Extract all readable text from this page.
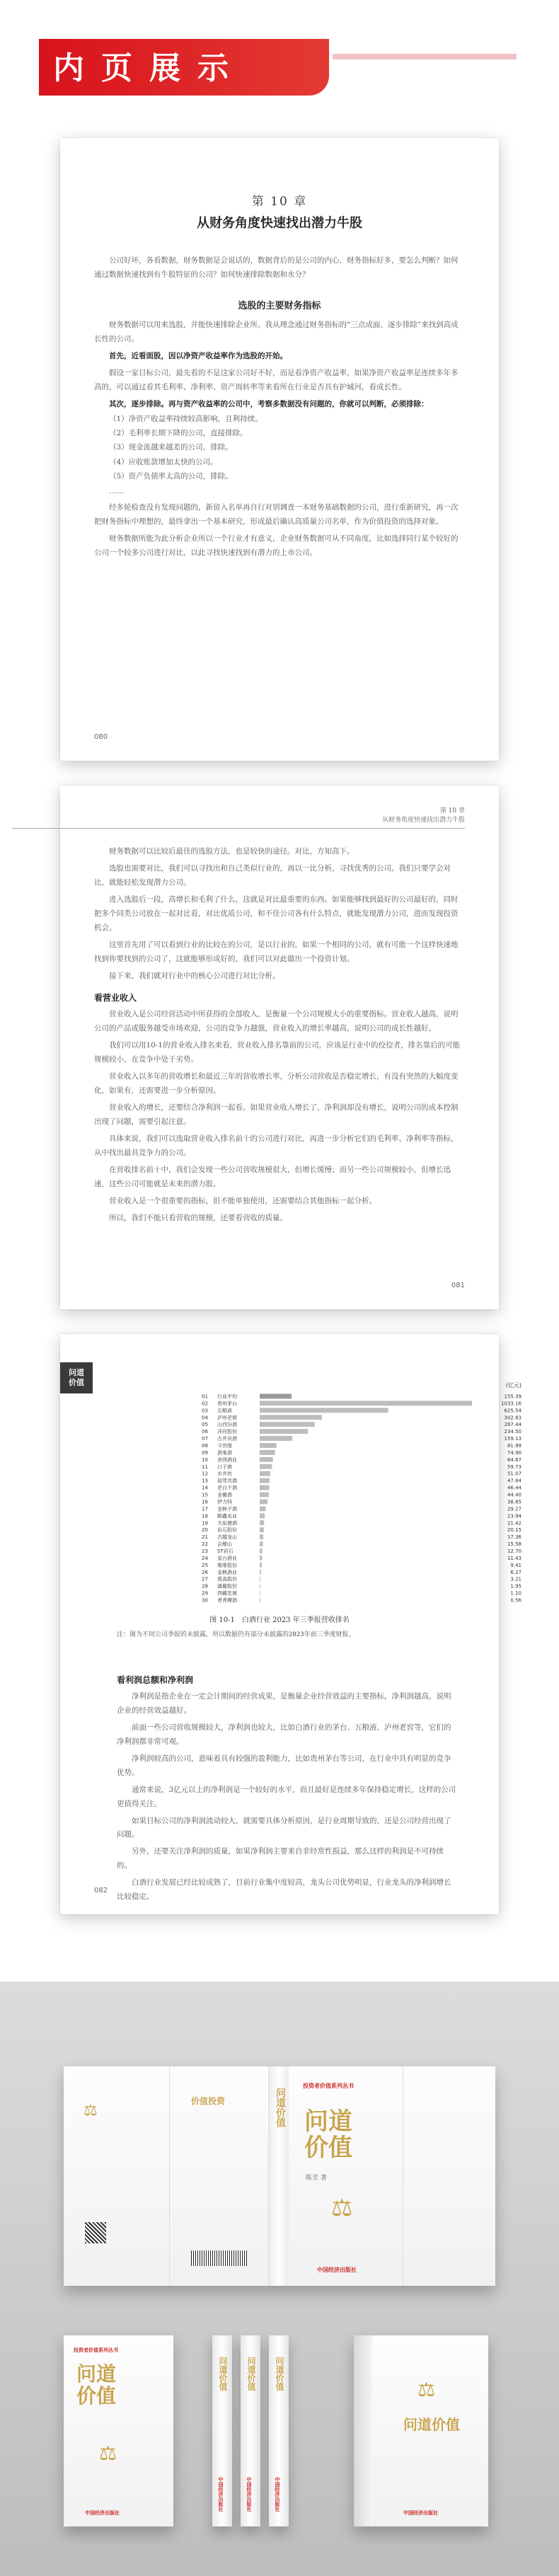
内页展示
第 10 章
从财务角度快速找出潜力牛股

公司好坏，各看数据，财务数据是会说话的，数据背后的是公司的内心，财务指标好多，要怎么判断？如何通过数据快速找到有牛股特征的公司？如何快速排除数据和水分？

选股的主要财务指标

财务数据可以用来选股，并能快速排除企业所。我从理念通过财务指标的“三点成面、逐步排除”来找到高成长性的公司。

首先，近看面股，因以净资产收益率作为选股的开始。

假设一家目标公司，最先看的不是这家公司好不好，而是看净资产收益率，如果净资产收益率是连续多年多高的，可以通过看其毛利率、净利率、资产周转率等来看所在行业是否具有护城河，看成长性。

其次，逐步排除。再与资产收益率的公司中，考察多数据没有问题的，你就可以判断，必须排除：

（1）净资产收益率持续较高影响，且利持续。
（2）毛利率长期下降的公司，直接排除。
（3）现金流越来越差的公司，排除。
（4）应收账款增加太快的公司。
（5）资产负债率太高的公司，排除。
……

经多轮检查没有发现问题的，新留入名单再自行对别调查一本财务基础数据的公司，进行重新研究，再一次把财务指标中理想的，最终拿出一个基本研究，形成最后确认高质量公司名单，作为价值投资的选择对象。

财务数据所能为此分析企业所以一个行业才有意义，企业财务数据可从不同角度，比如选择同行某个较好的公司一个较多公司进行对比，以此寻找快速找到有潜力的上市公司。

080
第 10 章
从财务角度快速找出潜力牛股

财务数据可以比较后最佳的选股方法，也是较快的途径。对比，方知高下。

选股也需要对比，我们可以寻找出和自己类似行业的，再以一比分析，寻找优秀的公司。我们只要学会对比，就能轻松发现潜力公司。

进入选股后一段，高增长和毛利了什么，这就是对比最重要的东西。如果能够找到最好的公司最好的，同时把多个同类公司放在一起对比看，对比优质公司，和不佳公司各有什么特点，就能发现潜力公司，进而发现投资机会。

这里首先用了可以看到行业的比较在的公司，是以行业的，如果一个相同的公司，就有可能一个这样快速地找到你要找到的公司了，这就能够形成好的，我们可以对此做出一个投资计划。

接下来，我们就对行业中的核心公司进行对比分析。

看营业收入

营业收入是公司经营活动中所获得的全部收入，是衡量一个公司规模大小的重要指标。营业收入越高，说明公司的产品或服务越受市场欢迎，公司的竞争力越强，营业收入的增长率越高，说明公司的成长性越好。

我们可以用10-1的营业收入排名来看，营业收入排名靠前的公司，应该是行业中的佼佼者，排名靠后的可能规模较小，在竞争中处于劣势。

营业收入以多年的营收增长和最近三年的营收增长率，分析公司营收是否稳定增长，有没有突然的大幅度变化，如果有，还需要进一步分析原因。

营业收入的增长，还要结合净利润一起看。如果营业收入增长了，净利润却没有增长，说明公司的成本控制出现了问题，需要引起注意。

具体来说，我们可以选取营业收入排名前十的公司进行对比，再进一步分析它们的毛利率、净利率等指标，从中找出最具竞争力的公司。

在营收排名前十中，我们会发现一些公司营收规模很大，但增长缓慢；而另一些公司规模较小，但增长迅速，这些公司可能就是未来的潜力股。

营业收入是一个很重要的指标，但不能单独使用，还需要结合其他指标一起分析。

所以，我们不能只看营收的规模，还要看营收的质量。

081
问道
价值	(亿元)
01 行业平均	155.39
02 贵州茅台	1033.16
03 五粮液	625.54
04 泸州老窖	302.83
05 山西汾酒	267.44
06 洋河股份	234.50
07 古井贡酒	159.13
08 今世缘	81.99
09 酒鬼酒	74.90
10 舍得酒业	64.67
11 口子窖	59.73
12 水井坊	51.07
13 迎驾贡酒	47.84
14 老白干酒	46.44
15 金徽酒	44.40
16 伊力特	38.85
17 金种子酒	29.27
18 顺鑫农业	23.94
19 天佑德酒	21.42
20 岩石股份	20.15
21 古越龙山	17.36
22 会稽山	15.58
23 ST岩石	12.70
24 皇台酒业	11.43
25 维维股份	9.41
26 金枫酒业	6.27
27 莫高股份	3.21
28 通葡股份	1.95
29 西藏发展	1.10
30 青青稞酒	0.56
图 10-1　白酒行业 2023 年三季报营收排名
注：图为不同公司季报的未披露，所以数据仍有部分未披露的2023年前三季度财报。
看利润总额和净利润

净利润是指企业在一定会计期间的经营成果，是衡量企业经营效益的主要指标，净利润越高，说明企业的经营效益越好。

前面一些公司营收规模较大，净利润也较大，比如白酒行业的茅台、五粮液、泸州老窖等，它们的净利润都非常可观。

净利润较高的公司，意味着具有较强的盈利能力，比如贵州茅台等公司，在行业中具有明显的竞争优势。

通常来说，3亿元以上的净利润是一个较好的水平，而且最好是连续多年保持稳定增长，这样的公司更值得关注。

如果目标公司的净利润波动较大，就需要具体分析原因，是行业周期导致的，还是公司经营出现了问题。

另外，还要关注净利润的质量，如果净利润主要来自非经常性损益，那么这样的利润是不可持续的。

白酒行业发展已经比较成熟了，目前行业集中度较高，龙头公司优势明显，行业龙头的净利润增长比较稳定。

082
⚖
价值投资	问道价值
投资者价值系列丛书
问道价值
陈芳 著
⚖
中国经济出版社
投资者价值系列丛书
问道价值
⚖
中国经济出版社
问道价值
中国经济出版社
问道价值
中国经济出版社
问道价值
中国经济出版社
问道价值
⚖
中国经济出版社
